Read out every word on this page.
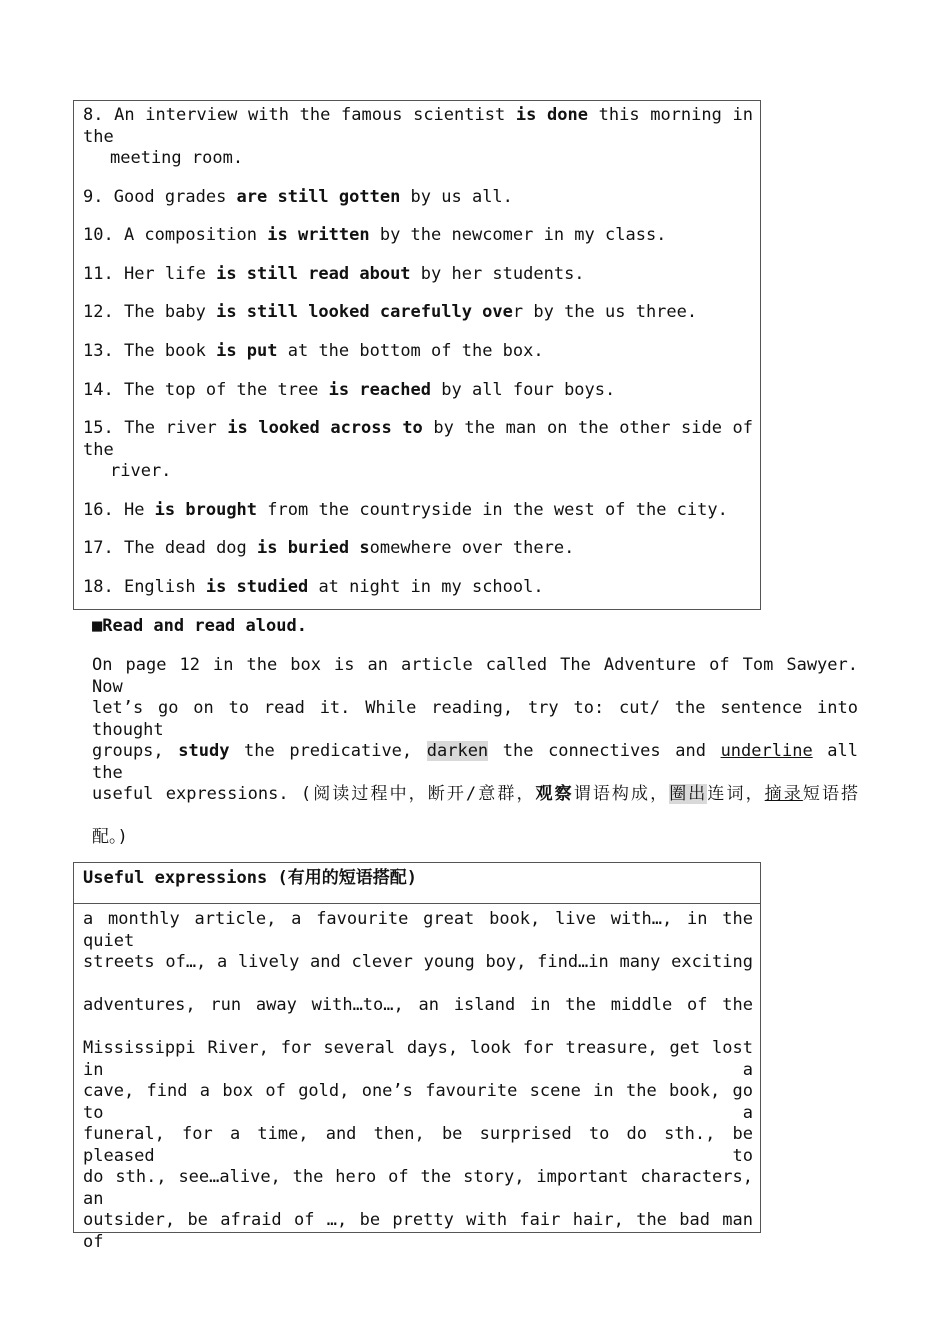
8. An interview with the famous scientist is done this morning in the
meeting room.
9. Good grades are still gotten by us all.
10. A composition is written by the newcomer in my class.
11. Her life is still read about by her students.
12. The baby is still looked carefully over by the us three.
13. The book is put at the bottom of the box.
14. The top of the tree is reached by all four boys.
15. The river is looked across to by the man on the other side of the
river.
16. He is brought from the countryside in the west of the city.
17. The dead dog is buried somewhere over there.
18. English is studied at night in my school.
■Read and read aloud.
On page 12 in the box is an article called The Adventure of Tom Sawyer. Now
let’s go on to read it. While reading, try to: cut/ the sentence into thought
groups, study the predicative, darken the connectives and underline all the
useful expressions. (阅读过程中，断开/意群，观察谓语构成，圈出连词，摘录短语搭
配。)
Useful expressions (有用的短语搭配)
a monthly article, a favourite great book, live with…, in the quiet
streets of…, a lively and clever young boy, find…in many exciting
adventures, run away with…to…, an island in the middle of the
Mississippi River, for several days, look for treasure, get lost in a
cave, find a box of gold, one’s favourite scene in the book, go to a
funeral, for a time, and then, be surprised to do sth., be pleased to
do sth., see…alive, the hero of the story, important characters, an
outsider, be afraid of …, be pretty with fair hair, the bad man of
